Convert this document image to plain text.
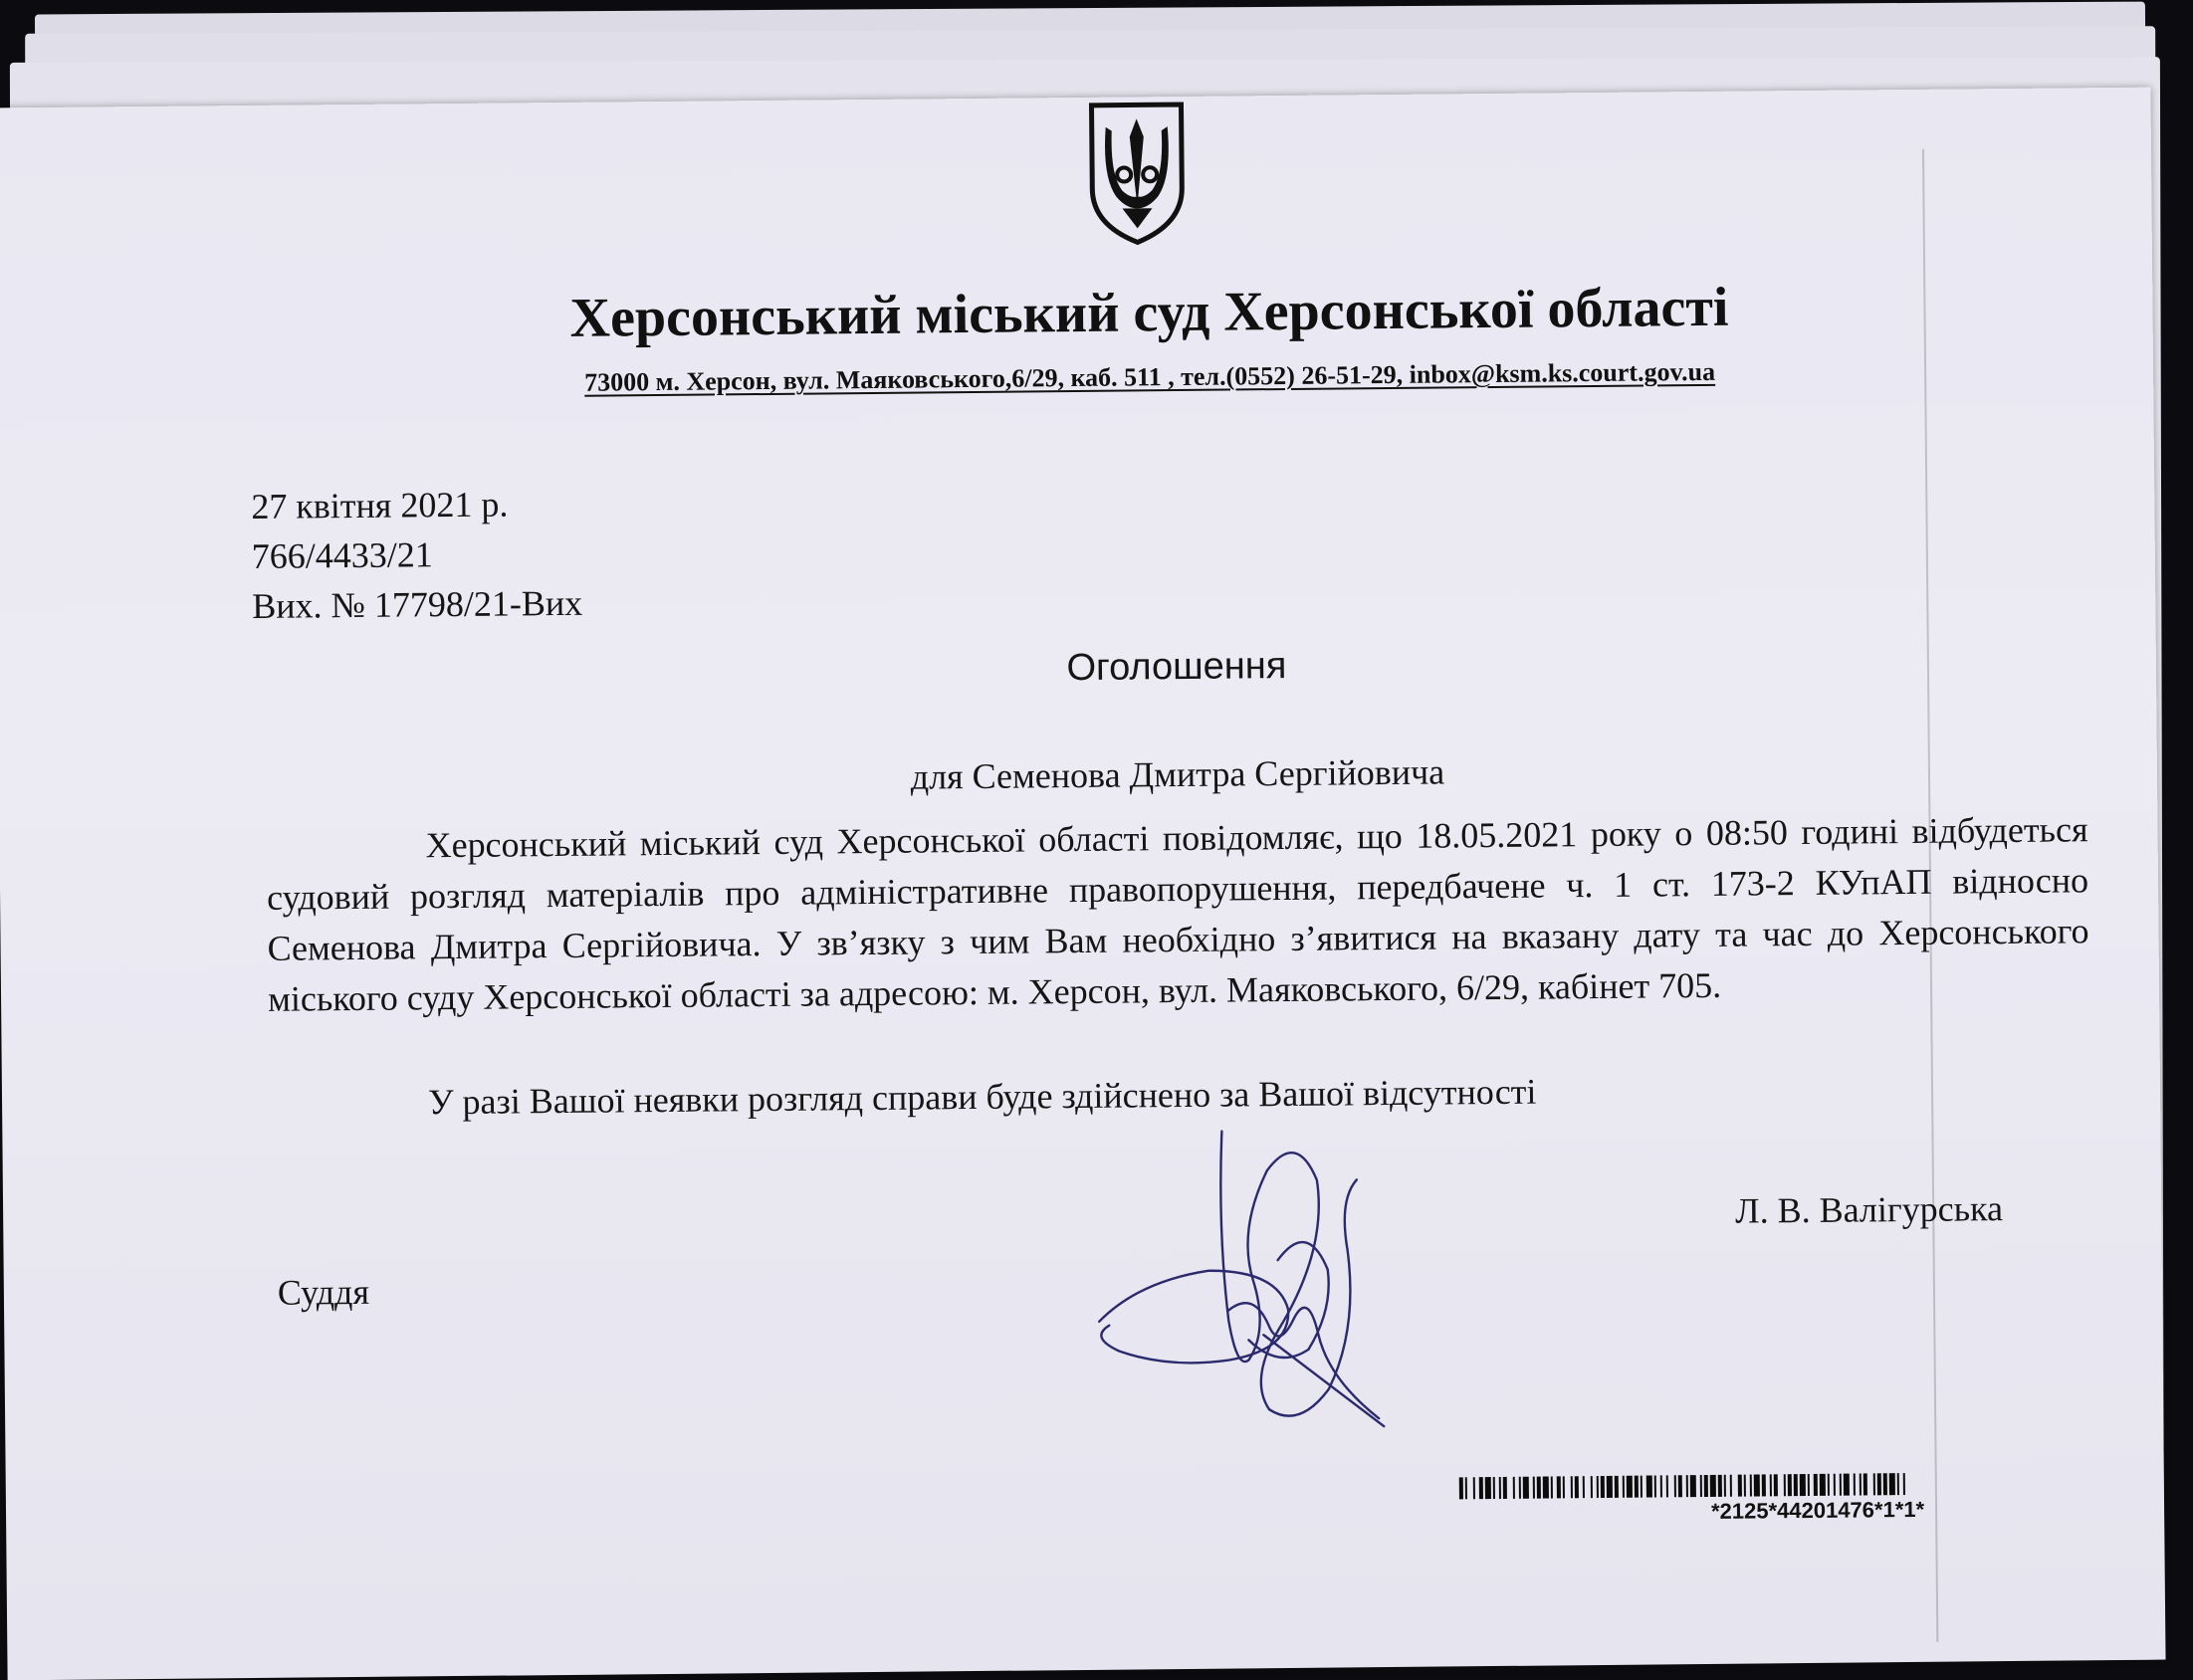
Херсонський міський суд Херсонської області
73000 м. Херсон, вул. Маяковського,6/29, каб. 511 , тел.(0552) 26-51-29, inbox@ksm.ks.court.gov.ua
27 квітня 2021 р.
766/4433/21
Вих. № 17798/21-Вих
Оголошення
для Семенова Дмитра Сергійовича

Херсонський міський суд Херсонської області повідомляє, що 18.05.2021 року о 08:50 годині відбудеться судовий розгляд матеріалів про адміністративне правопорушення, передбачене ч. 1 ст. 173-2 КУпАП відносно Семенова Дмитра Сергійовича. У зв’язку з чим Вам необхідно з’явитися на вказану дату та час до Херсонського міського суду Херсонської області за адресою: м. Херсон, вул. Маяковського, 6/29, кабінет 705.

У разі Вашої неявки розгляд справи буде здійснено за Вашої відсутності
Суддя
Л. В. Валігурська
*2125*44201476*1*1*
